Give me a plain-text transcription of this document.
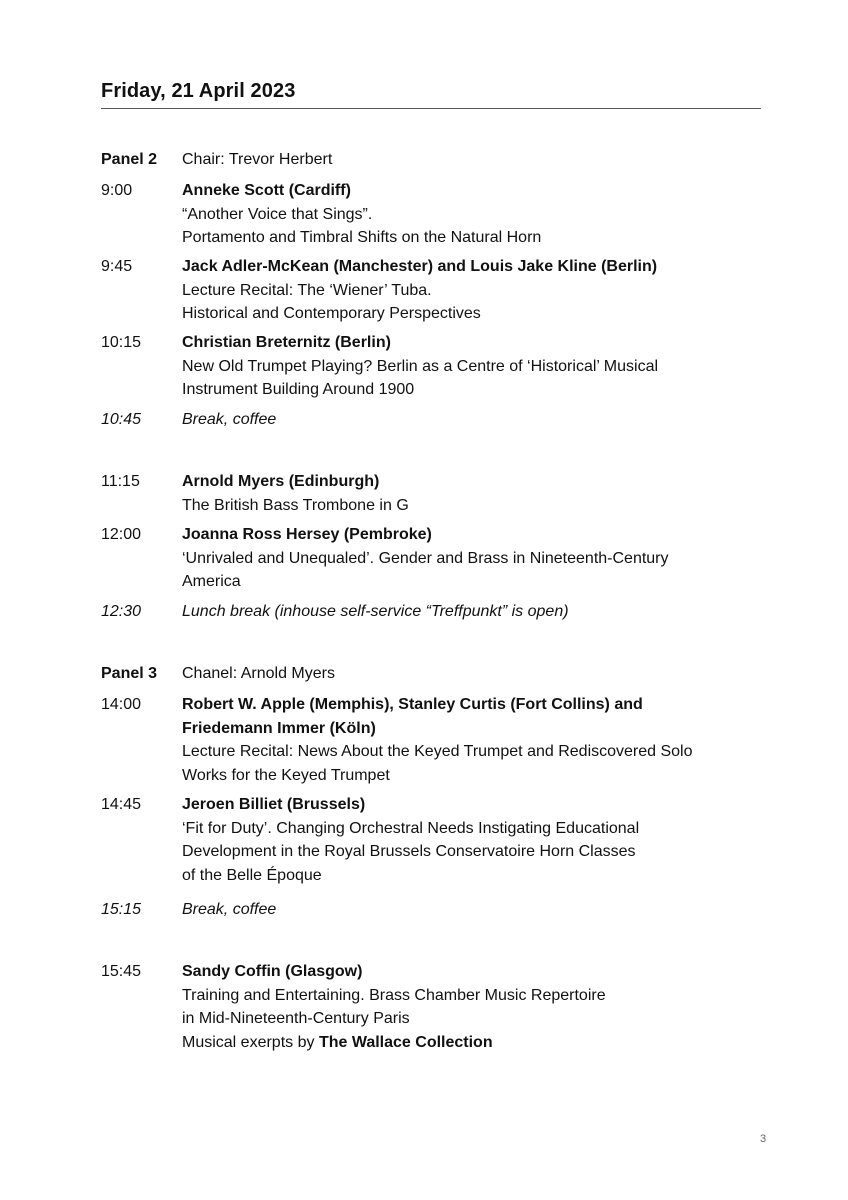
Friday, 21 April 2023
Panel 2	Chair: Trevor Herbert
9:00	Anneke Scott (Cardiff)
“Another Voice that Sings”.
Portamento and Timbral Shifts on the Natural Horn
9:45	Jack Adler-McKean (Manchester) and Louis Jake Kline (Berlin)
Lecture Recital: The ‘Wiener’ Tuba.
Historical and Contemporary Perspectives
10:15	Christian Breternitz (Berlin)
New Old Trumpet Playing? Berlin as a Centre of ‘Historical’ Musical
Instrument Building Around 1900
10:45	Break, coffee
11:15	Arnold Myers (Edinburgh)
The British Bass Trombone in G
12:00	Joanna Ross Hersey (Pembroke)
‘Unrivaled and Unequaled’. Gender and Brass in Nineteenth-Century
America
12:30	Lunch break (inhouse self-service “Treffpunkt” is open)
Panel 3	Chanel: Arnold Myers
14:00	Robert W. Apple (Memphis), Stanley Curtis (Fort Collins) and
Friedemann Immer (Köln)
Lecture Recital: News About the Keyed Trumpet and Rediscovered Solo
Works for the Keyed Trumpet
14:45	Jeroen Billiet (Brussels)
‘Fit for Duty’. Changing Orchestral Needs Instigating Educational
Development in the Royal Brussels Conservatoire Horn Classes
of the Belle Époque
15:15	Break, coffee
15:45	Sandy Coffin (Glasgow)
Training and Entertaining. Brass Chamber Music Repertoire
in Mid-Nineteenth-Century Paris
Musical exerpts by The Wallace Collection
3
